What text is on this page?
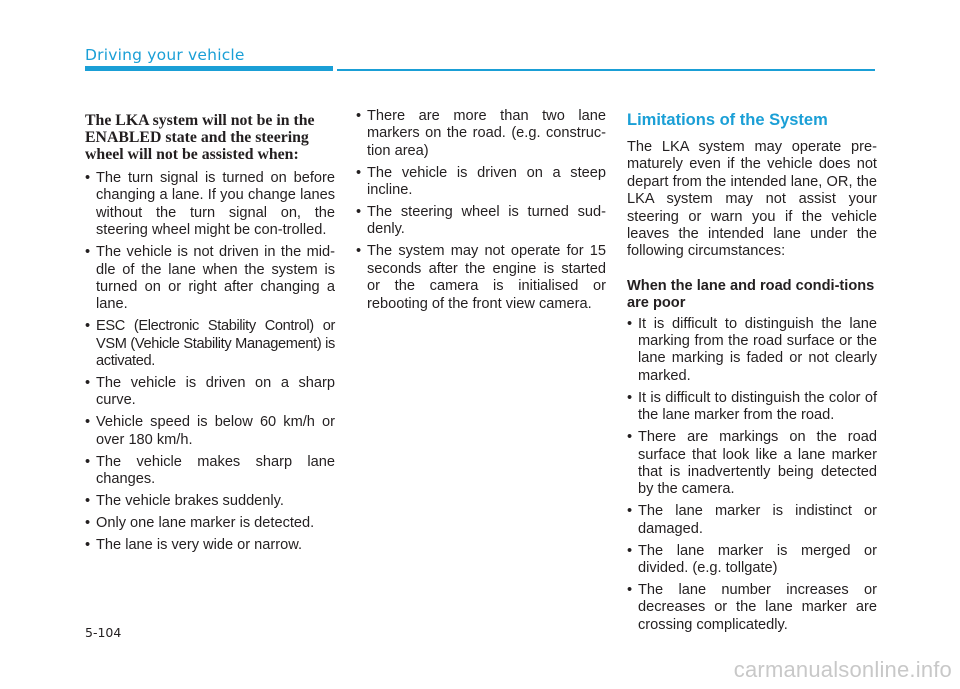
Driving your vehicle
The LKA system will not be in the ENABLED state and the steering wheel will not be assisted when:
• The turn signal is turned on before changing a lane. If you change lanes without the turn signal on, the steering wheel might be con-trolled.
• The vehicle is not driven in the mid-dle of the lane when the system is turned on or right after changing a lane.
• ESC (Electronic Stability Control) or VSM (Vehicle Stability Management) is activated.
• The vehicle is driven on a sharp curve.
• Vehicle speed is below 60 km/h or over 180 km/h.
• The vehicle makes sharp lane changes.
• The vehicle brakes suddenly.
• Only one lane marker is detected.
• The lane is very wide or narrow.
• There are more than two lane markers on the road. (e.g. construc-tion area)
• The vehicle is driven on a steep incline.
• The steering wheel is turned sud-denly.
• The system may not operate for 15 seconds after the engine is started or the camera is initialised or rebooting of the front view camera.
Limitations of the System

The LKA system may operate pre-maturely even if the vehicle does not depart from the intended lane, OR, the LKA system may not assist your steering or warn you if the vehicle leaves the intended lane under the following circumstances:

When the lane and road condi-tions are poor
• It is difficult to distinguish the lane marking from the road surface or the lane marking is faded or not clearly marked.
• It is difficult to distinguish the color of the lane marker from the road.
• There are markings on the road surface that look like a lane marker that is inadvertently being detected by the camera.
• The lane marker is indistinct or damaged.
• The lane marker is merged or divided. (e.g. tollgate)
• The lane number increases or decreases or the lane marker are crossing complicatedly.
5-104
carmanualsonline.info
